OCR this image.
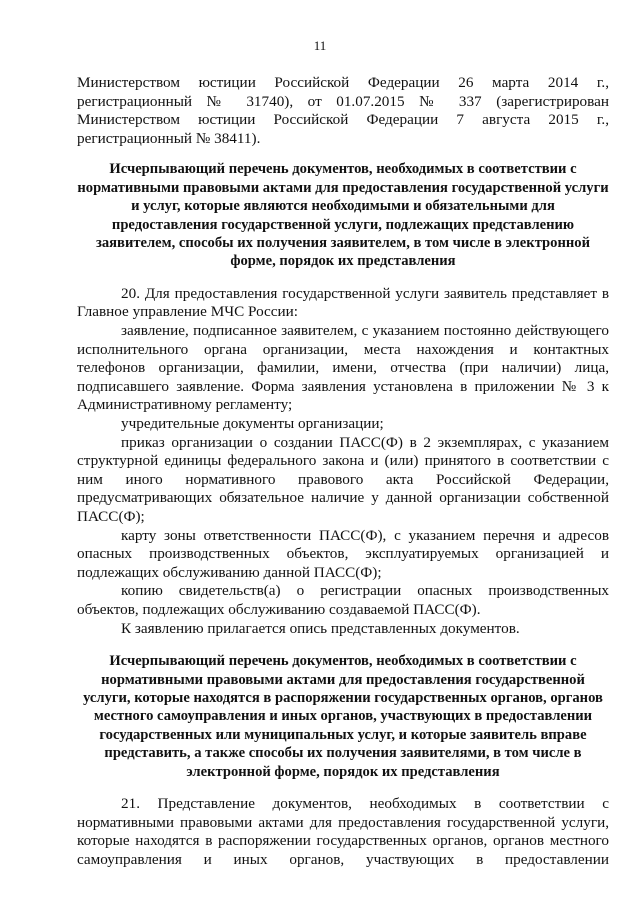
11

Министерством юстиции Российской Федерации 26 марта 2014 г., регистрационный № 31740), от 01.07.2015 № 337 (зарегистрирован Министерством юстиции Российской Федерации 7 августа 2015 г., регистрационный № 38411).

Исчерпывающий перечень документов, необходимых в соответствии с нормативными правовыми актами для предоставления государственной услуги и услуг, которые являются необходимыми и обязательными для предоставления государственной услуги, подлежащих представлению заявителем, способы их получения заявителем, в том числе в электронной форме, порядок их представления

20. Для предоставления государственной услуги заявитель представляет в Главное управление МЧС России:

заявление, подписанное заявителем, с указанием постоянно действующего исполнительного органа организации, места нахождения и контактных телефонов организации, фамилии, имени, отчества (при наличии) лица, подписавшего заявление. Форма заявления установлена в приложении № 3 к Административному регламенту;

учредительные документы организации;

приказ организации о создании ПАСС(Ф) в 2 экземплярах, с указанием структурной единицы федерального закона и (или) принятого в соответствии с ним иного нормативного правового акта Российской Федерации, предусматривающих обязательное наличие у данной организации собственной ПАСС(Ф);

карту зоны ответственности ПАСС(Ф), с указанием перечня и адресов опасных производственных объектов, эксплуатируемых организацией и подлежащих обслуживанию данной ПАСС(Ф);

копию свидетельств(а) о регистрации опасных производственных объектов, подлежащих обслуживанию создаваемой ПАСС(Ф).

К заявлению прилагается опись представленных документов.

Исчерпывающий перечень документов, необходимых в соответствии с нормативными правовыми актами для предоставления государственной услуги, которые находятся в распоряжении государственных органов, органов местного самоуправления и иных органов, участвующих в предоставлении государственных или муниципальных услуг, и которые заявитель вправе представить, а также способы их получения заявителями, в том числе в электронной форме, порядок их представления

21. Представление документов, необходимых в соответствии с нормативными правовыми актами для предоставления государственной услуги, которые находятся в распоряжении государственных органов, органов местного самоуправления и иных органов, участвующих в предоставлении
